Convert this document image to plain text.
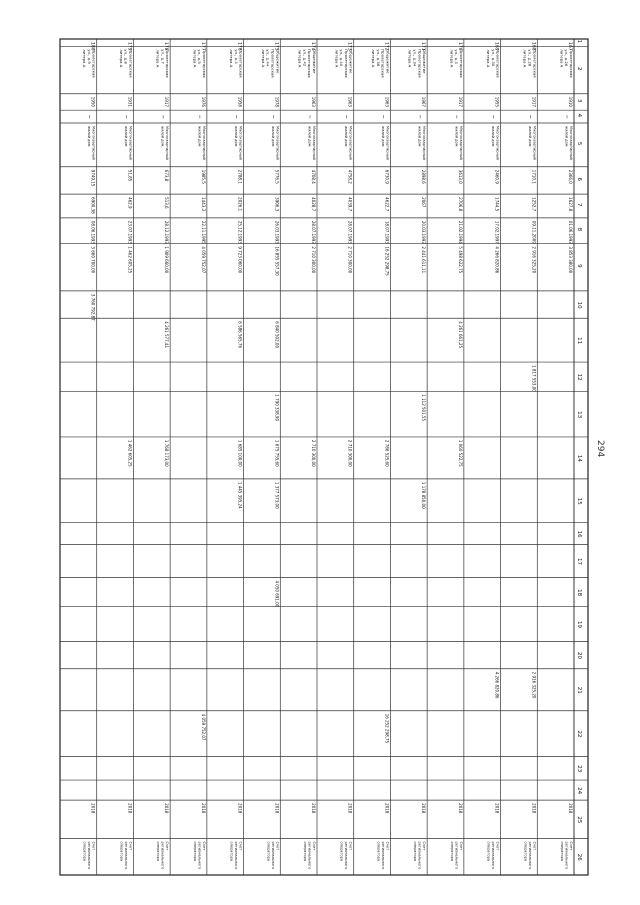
1
2
3
4
5
6
7
8
9
10
11
12
13
14
15
16
17
18
19
20
21
22
23
24
25
26
167
Пролетарская
ул., д.26
литера А
1910
Многоквартирный
жилой дом
2366,0
1627,8
01.06.1993
3 853 380,00
2018
Счет
регионального
оператора
168
Пролетарская
ул., д.28
литера А
1917
Многоквартирный
жилой дом
1710,1
1252,7
09.11.2009
2 916 325,20
1 817 553,00
2 916 325,20
2018
Счет
регионального
оператора
169
Пролетарская
ул., д.30
литера А
1955
Многоквартирный
жилой дом
2460,9
1744,5
17.02.1997
4 266 820,86
4 266 820,86
2018
Счет
регионального
оператора
170
Пролетарская
ул., д.3
литера А
1917
Многоквартирный
жилой дом
3613,0
2706,8
21.02.1994
5 498 622,75
4 261 661,25
1 060 522,75
2018
Счет
регионального
оператора
171
Общежитие
Пролетарская
ул., д.34
литера А
1967
Многоквартирный
жилой дом
2898,6
2067
20.03.1993
2 441 611,11
1 112 501,55
1 178 850,00
2018
Счет
регионального
оператора
172
Общежитие
Пролетарская
ул., д.36
литера А
1963
Многоквартирный
жилой дом
6730,9
4622,7
18.07.1993
16 252 298,75
2 786 525,60
16 252 298,75
2018
Счет
регионального
оператора
173
Общежитие
Пролетарская
ул., д.40
литера А
1963
Многоквартирный
жилой дом
4758,2
4039,7
28.07.1993
2 710 300,00
2 710 300,00
2018
Счет
регионального
оператора
174
Общежитие
Пролетарская
ул., д.42
литера А
1963
Многоквартирный
жилой дом
4708,4
4028,7
28.07.1993
2 710 300,00
2 710 300,00
2018
Счет
регионального
оператора
175
Общежитие
Пролетарская
ул., д.44
литера А
1978
Многоквартирный
жилой дом
5776,5
3906,3
26.03.1993
16 855 557,30
6 840 502,00
1 790 338,90
1 675 755,60
1 377 573,00
2018
Счет
регионального
оператора
176
Пролетарская
ул., д.4
литера А
1958
Многоквартирный
жилой дом
2788,1
2026,1
25.12.1993
9 723 060,00
6 586 565,76
1 685 100,00
1 445 395,24
2018
Счет
регионального
оператора
177
Пролетарская
ул., д.5
литера А
1976
Многоквартирный
жилой дом
1985,5
1443,3
22.11.1995
4 059 752,07
4 059 752,07
2018
Счет
регионального
оператора
178
Пролетарская
ул., д.7
литера А
1917
Многоквартирный
жилой дом
673,8
513,6
28.12.1993
1 909 660,00
4 261 577,41
1 768 173,00
2018
Счет
регионального
оператора
179
Пролетарская
ул., д.8
литера А
1931
Многоквартирный
жилой дом
51,85
462,9
23.07.1993
1 462 605,25
1 462 605,25
2018
Счет
регионального
оператора
180
Пролетарская
ул., д.9
литера А
1950
Многоквартирный
жилой дом
9749,15
6900,38
08.06.1993
3 660 700,00
3 760 792,87
2018
Счет
регионального
оператора
4 050 691,00
294
